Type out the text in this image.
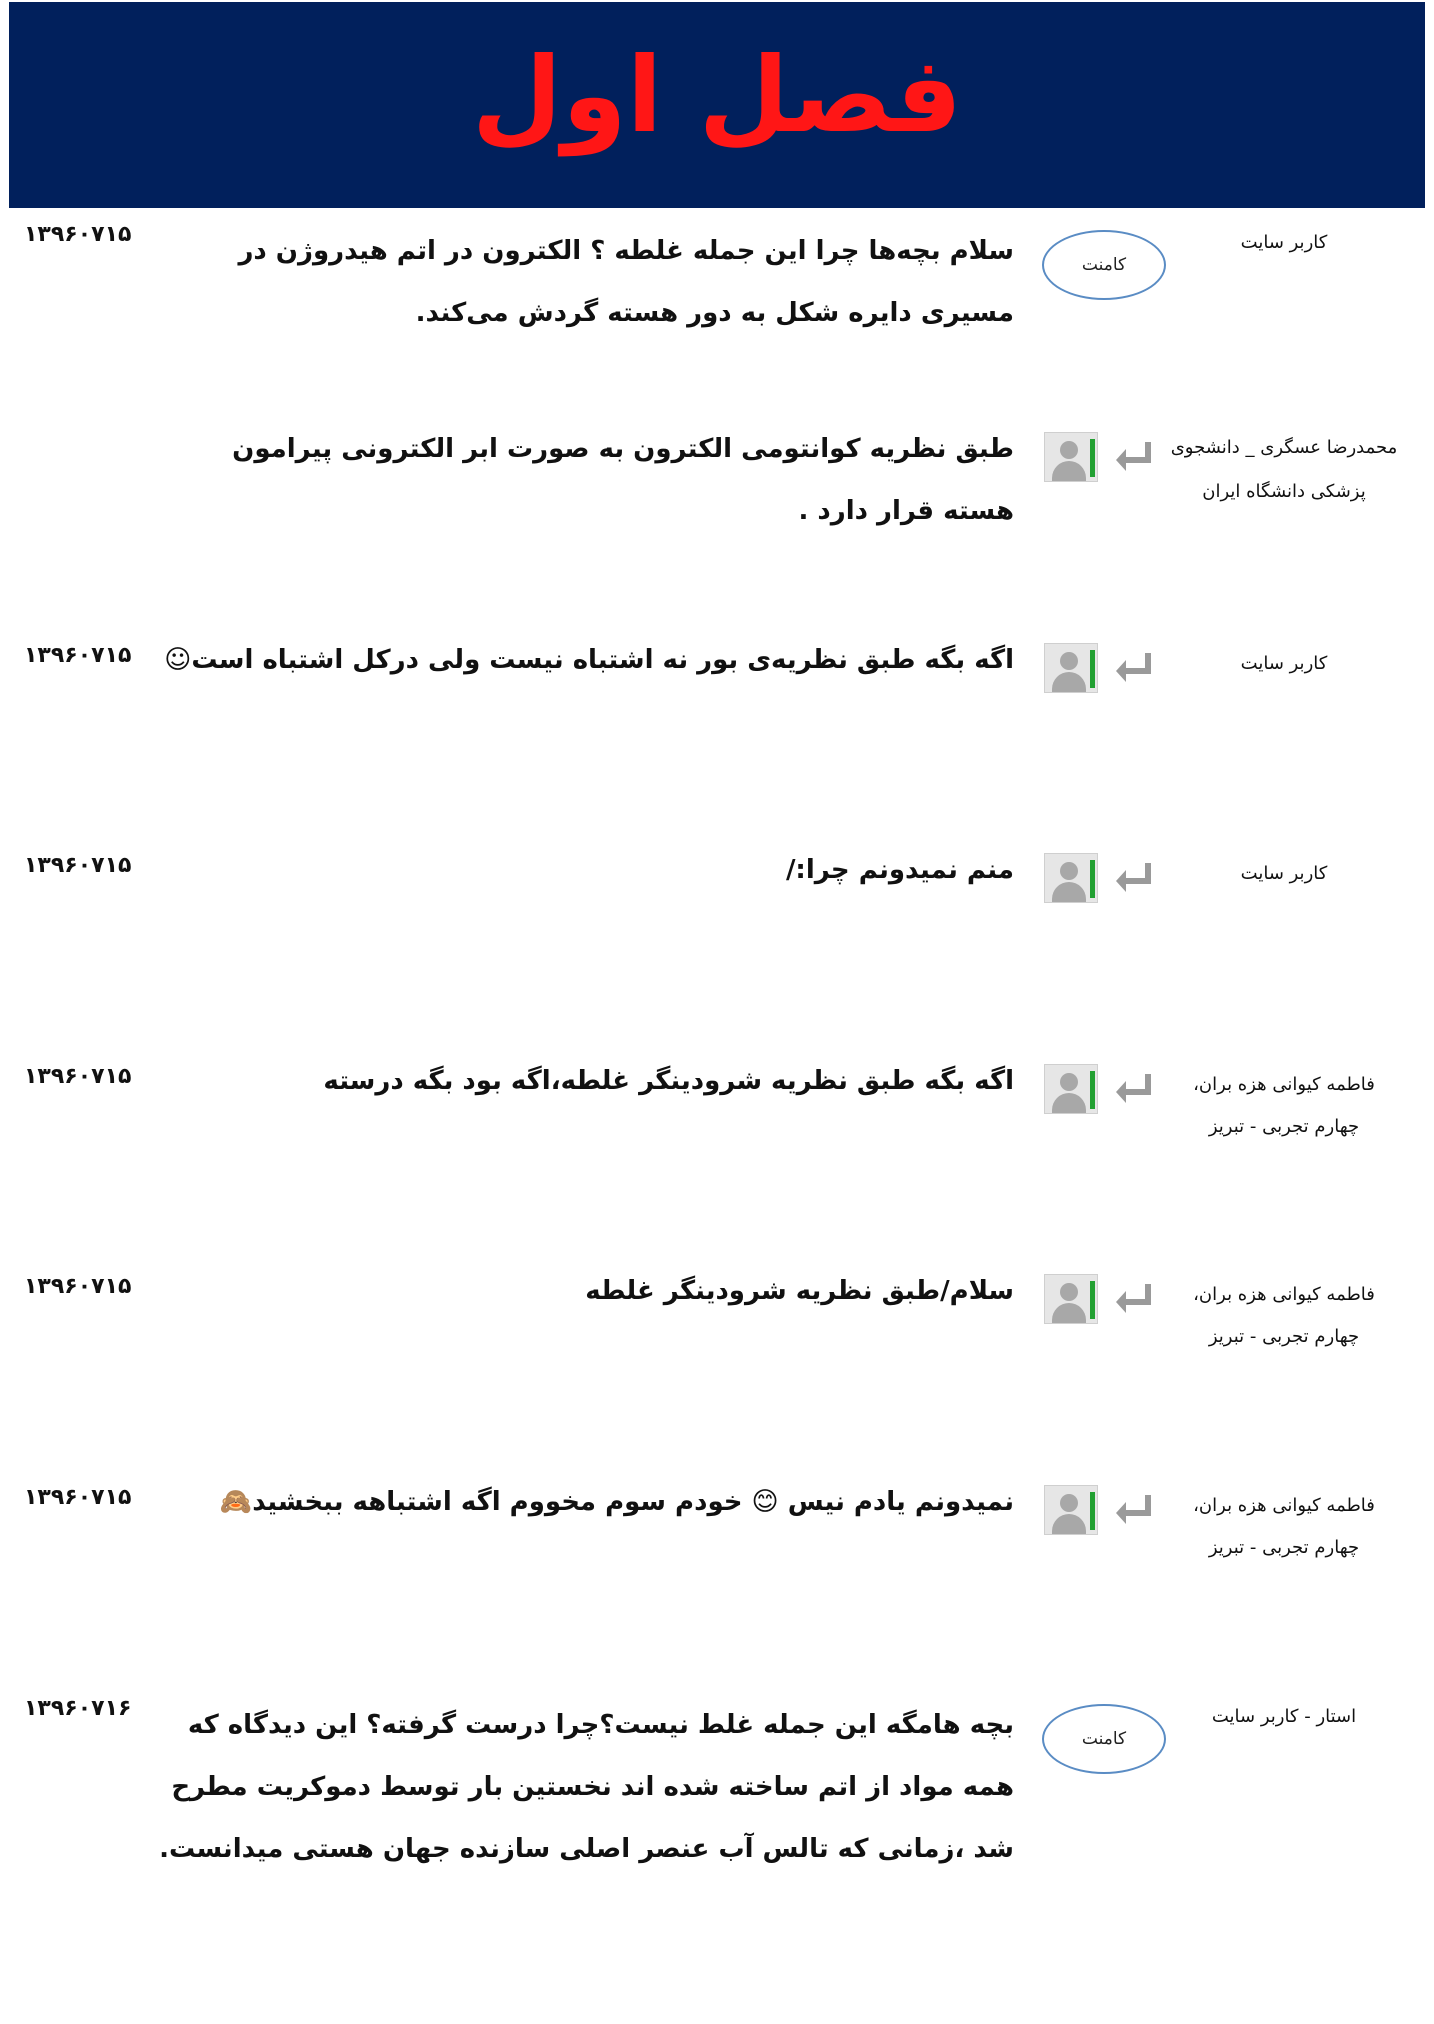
فصل اول
۱۳۹۶۰۷۱۵	کاربر سایت
کامنت
سلام بچه‌ها چرا این جمله غلطه ؟ الکترون در اتم هیدروژن در مسیری دایره شکل به دور هسته گردش می‌کند.
محمدرضا عسگری _ دانشجوی پزشکی دانشگاه ایران
طبق نظریه کوانتومی الکترون به صورت ابر الکترونی پیرامون هسته قرار دارد .
۱۳۹۶۰۷۱۵	کاربر سایت
اگه بگه طبق نظریه‌ی بور نه اشتباه نیست ولی درکل اشتباه است☺
۱۳۹۶۰۷۱۵	کاربر سایت
منم نمیدونم چرا:/
۱۳۹۶۰۷۱۵	فاطمه کیوانی هزه بران، چهارم تجربی - تبریز
اگه بگه طبق نظریه شرودینگر غلطه،اگه بود بگه درسته
۱۳۹۶۰۷۱۵	فاطمه کیوانی هزه بران، چهارم تجربی - تبریز
سلام/طبق نظریه شرودینگر غلطه
۱۳۹۶۰۷۱۵	فاطمه کیوانی هزه بران، چهارم تجربی - تبریز
نمیدونم یادم نیس 😊 خودم سوم مخووم اگه اشتباهه ببخشید🙈
۱۳۹۶۰۷۱۶	استار - کاربر سایت
کامنت
بچه هامگه این جمله غلط نیست؟چرا درست گرفته؟ این دیدگاه که همه مواد از اتم ساخته شده اند نخستین بار توسط دموکریت مطرح شد ،زمانی که تالس آب عنصر اصلی سازنده جهان هستی میدانست.
